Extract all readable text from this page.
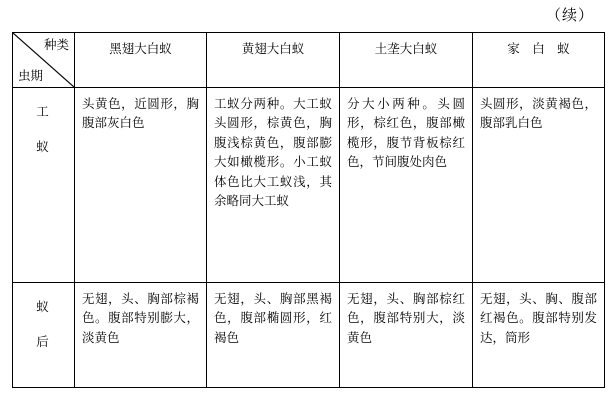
（续）
种类
虫期	黑翅大白蚁	黄翅大白蚁	土垄大白蚁	家　白　蚁

工
蚁	头黄色，近圆形，胸腹部灰白色	工蚁分两种。大工蚁头圆形，棕黄色，胸腹浅棕黄色，腹部膨大如橄榄形。小工蚁体色比大工蚁浅，其余略同大工蚁	分大小两种。头圆形，棕红色，腹部橄榄形，腹节背板棕红色，节间腹处肉色	头圆形，淡黄褐色，腹部乳白色

蚁
后	无翅，头、胸部棕褐色。腹部特别膨大，淡黄色	无翅，头、胸部黑褐色，腹部椭圆形，红褐色	无翅，头、胸部棕红色，腹部特别大，淡黄色	无翅，头、胸、腹部红褐色。腹部特别发达，筒形
